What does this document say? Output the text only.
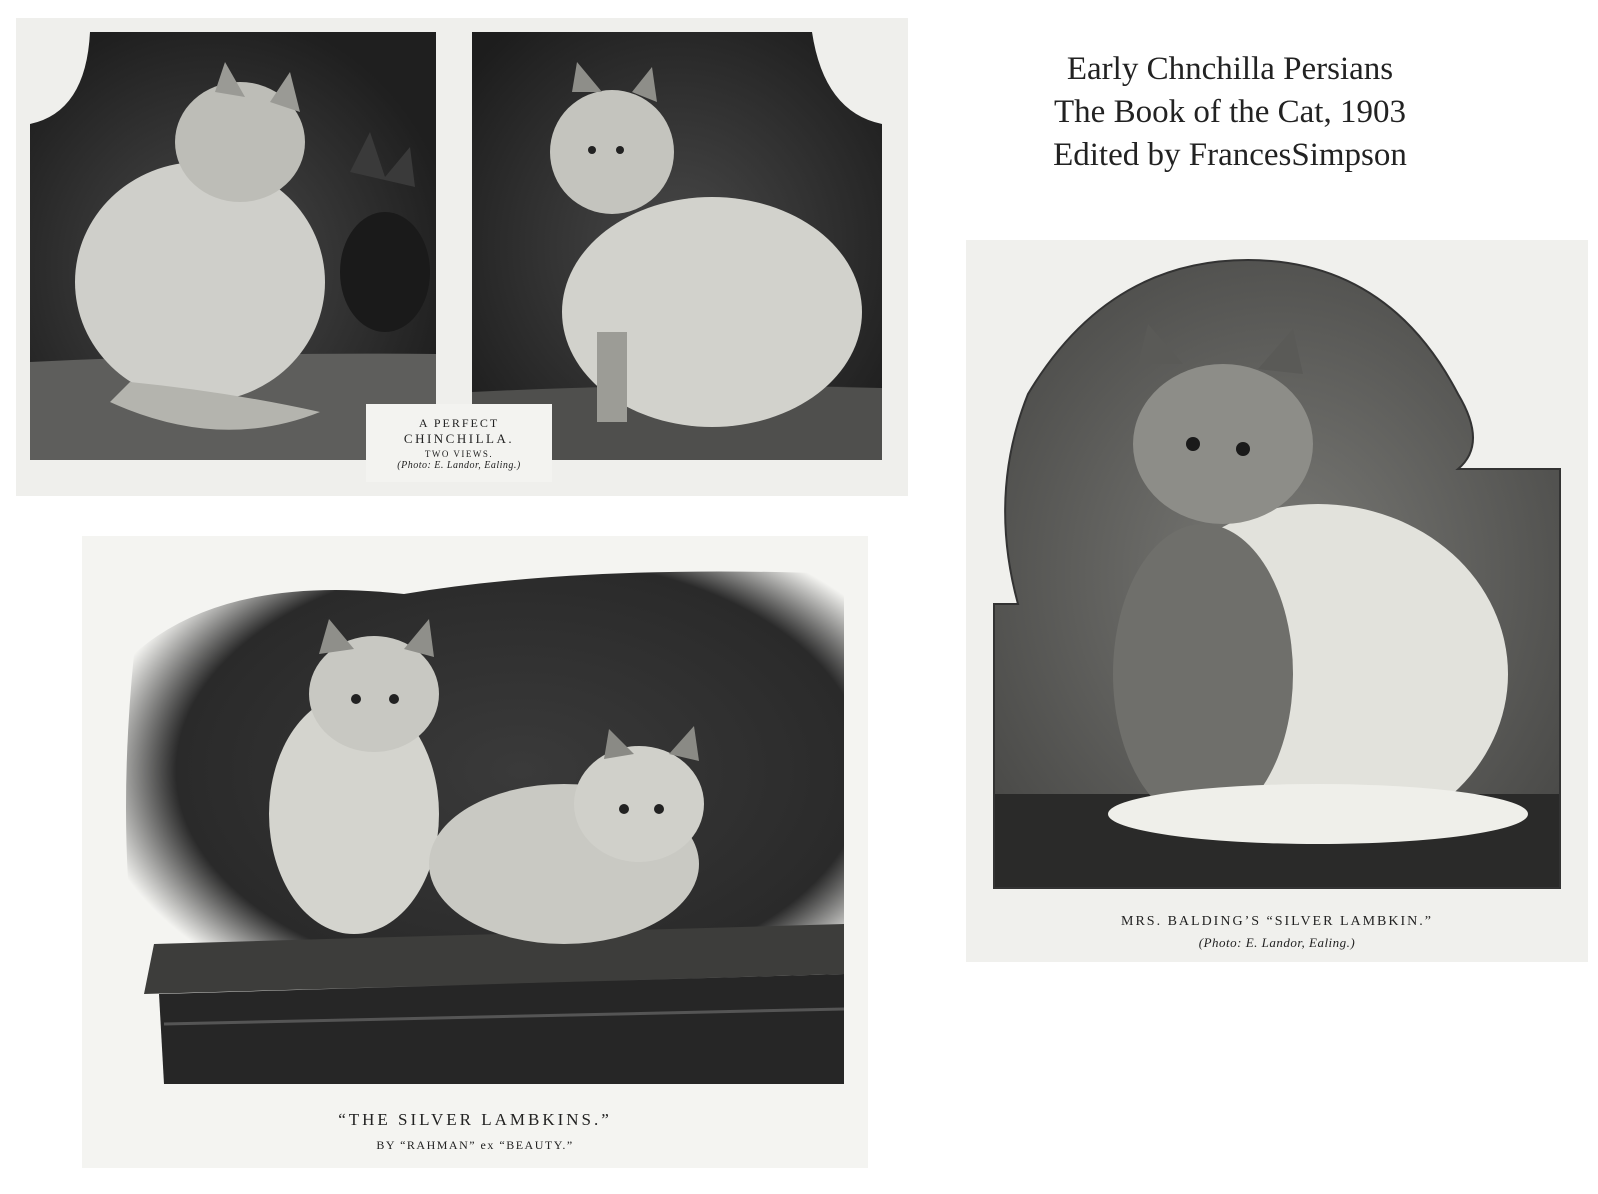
Early Chnchilla Persians
The Book of the Cat, 1903
Edited by FrancesSimpson
A PERFECT
CHINCHILLA.
TWO VIEWS.
(Photo: E. Landor, Ealing.)
“THE SILVER LAMBKINS.”
BY “RAHMAN” ex “BEAUTY.”
MRS. BALDING’S “SILVER LAMBKIN.”
(Photo: E. Landor, Ealing.)
